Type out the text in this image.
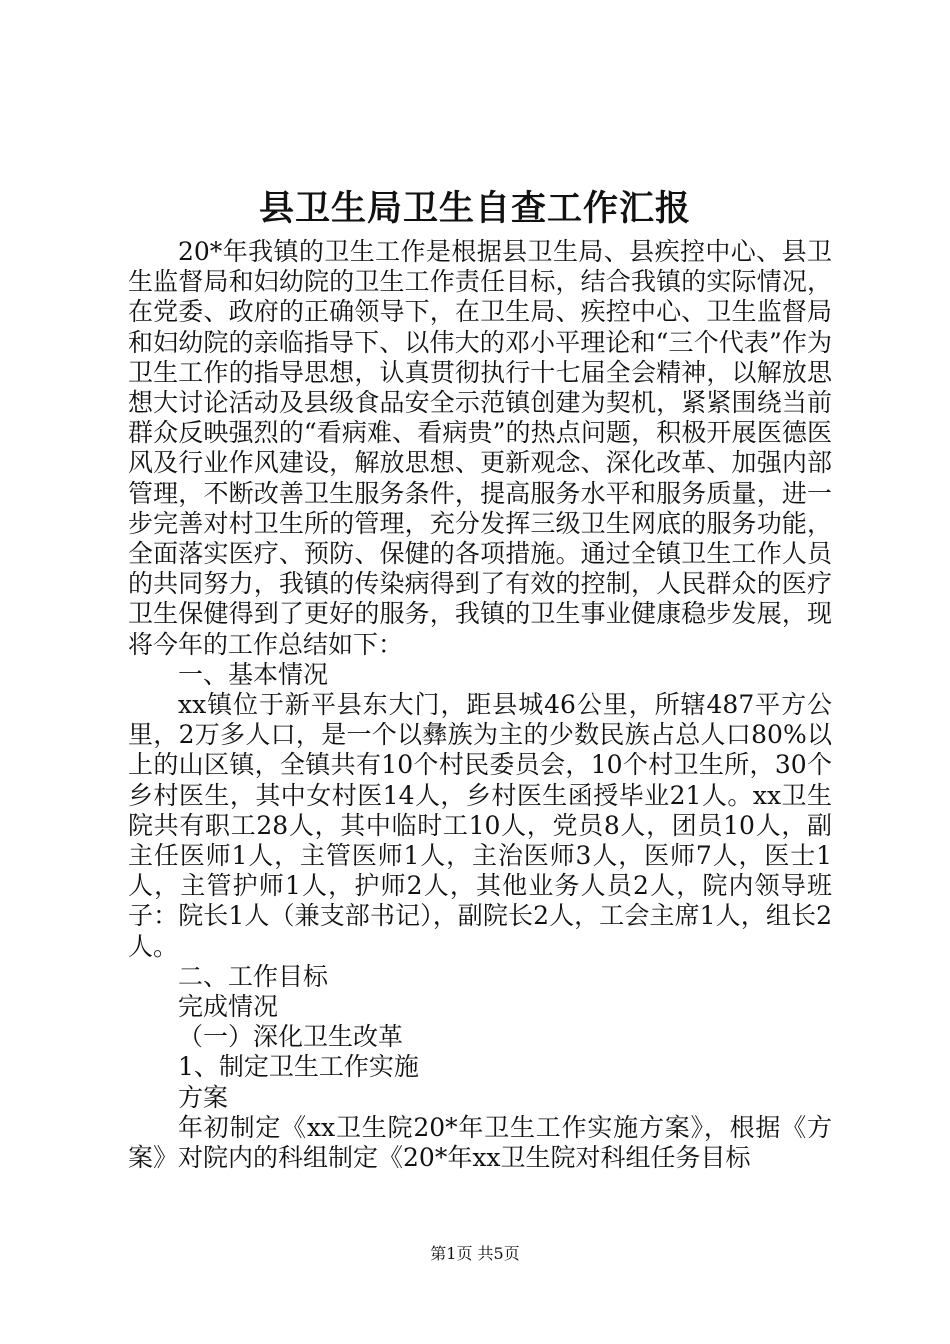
县卫生局卫生自查工作汇报

20*年我镇的卫生工作是根据县卫生局、县疾控中心、县卫生监督局和妇幼院的卫生工作责任目标，结合我镇的实际情况，在党委、政府的正确领导下，在卫生局、疾控中心、卫生监督局和妇幼院的亲临指导下、以伟大的邓小平理论和“三个代表”作为卫生工作的指导思想，认真贯彻执行十七届全会精神，以解放思想大讨论活动及县级食品安全示范镇创建为契机，紧紧围绕当前群众反映强烈的“看病难、看病贵”的热点问题，积极开展医德医风及行业作风建设，解放思想、更新观念、深化改革、加强内部管理，不断改善卫生服务条件，提高服务水平和服务质量，进一步完善对村卫生所的管理，充分发挥三级卫生网底的服务功能，全面落实医疗、预防、保健的各项措施。通过全镇卫生工作人员的共同努力，我镇的传染病得到了有效的控制，人民群众的医疗卫生保健得到了更好的服务，我镇的卫生事业健康稳步发展，现将今年的工作总结如下：

一、基本情况

xx镇位于新平县东大门，距县城46公里，所辖487平方公里，2万多人口，是一个以彝族为主的少数民族占总人口80%以上的山区镇，全镇共有10个村民委员会，10个村卫生所，30个乡村医生，其中女村医14人，乡村医生函授毕业21人。xx卫生院共有职工28人，其中临时工10人，党员8人，团员10人，副主任医师1人，主管医师1人，主治医师3人，医师7人，医士1人，主管护师1人，护师2人，其他业务人员2人，院内领导班子：院长1人（兼支部书记），副院长2人，工会主席1人，组长2人。

二、工作目标

完成情况

（一）深化卫生改革

1、制定卫生工作实施

方案

年初制定《xx卫生院20*年卫生工作实施方案》，根据《方案》对院内的科组制定《20*年xx卫生院对科组任务目标

第1页 共5页
